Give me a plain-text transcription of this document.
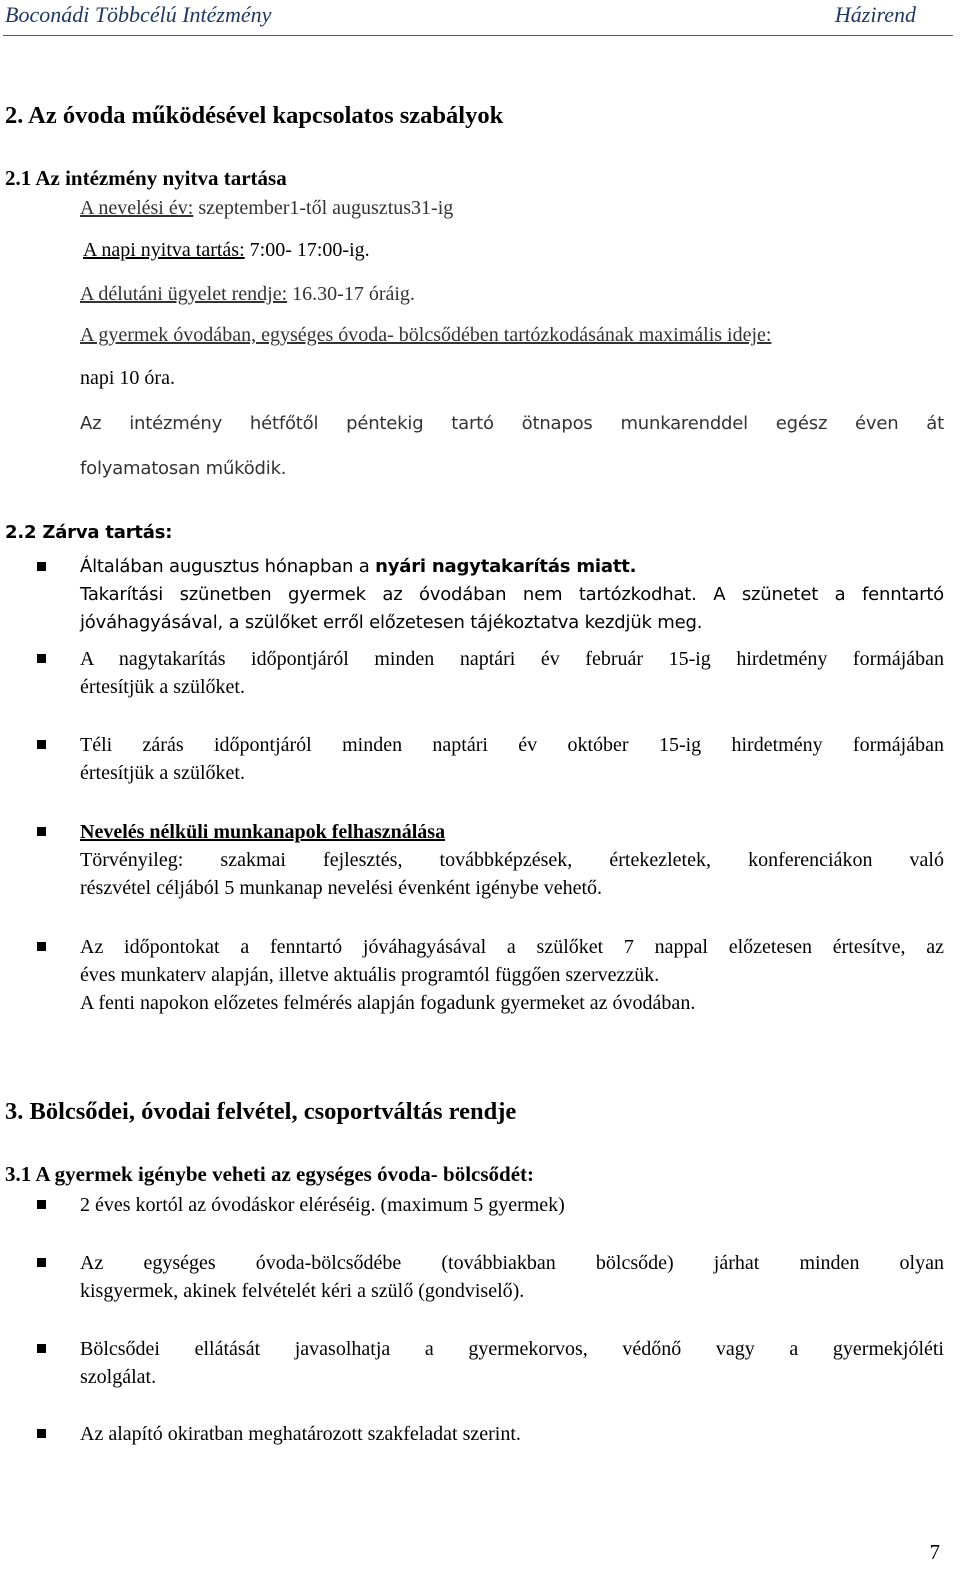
Boconádi Többcélú Intézmény	Házirend
2. Az óvoda működésével kapcsolatos szabályok
2.1 Az intézmény nyitva tartása
A nevelési év: szeptember1-től augusztus31-ig
A napi nyitva tartás: 7:00- 17:00-ig.
A délutáni ügyelet rendje: 16.30-17 óráig.
A gyermek óvodában, egységes óvoda- bölcsődében tartózkodásának maximális ideje:
napi 10 óra.
Az intézmény hétfőtől péntekig tartó ötnapos munkarenddel egész éven át
folyamatosan működik.
2.2 Zárva tartás:
Általában augusztus hónapban a nyári nagytakarítás miatt.
Takarítási szünetben gyermek az óvodában nem tartózkodhat. A szünetet a fenntartó
jóváhagyásával, a szülőket erről előzetesen tájékoztatva kezdjük meg.
A nagytakarítás időpontjáról minden naptári év február 15-ig hirdetmény formájában
értesítjük a szülőket.
Téli zárás időpontjáról minden naptári év október 15-ig hirdetmény formájában
értesítjük a szülőket.
Nevelés nélküli munkanapok felhasználása
Törvényileg: szakmai fejlesztés, továbbképzések, értekezletek, konferenciákon való
részvétel céljából 5 munkanap nevelési évenként igénybe vehető.
Az időpontokat a fenntartó jóváhagyásával a szülőket 7 nappal előzetesen értesítve, az
éves munkaterv alapján, illetve aktuális programtól függően szervezzük.
A fenti napokon előzetes felmérés alapján fogadunk gyermeket az óvodában.
3. Bölcsődei, óvodai felvétel, csoportváltás rendje
3.1 A gyermek igénybe veheti az egységes óvoda- bölcsődét:
2 éves kortól az óvodáskor eléréséig. (maximum 5 gyermek)
Az egységes óvoda-bölcsődébe (továbbiakban bölcsőde) járhat minden olyan
kisgyermek, akinek felvételét kéri a szülő (gondviselő).
Bölcsődei ellátását javasolhatja a gyermekorvos, védőnő vagy a gyermekjóléti
szolgálat.
Az alapító okiratban meghatározott szakfeladat szerint.
7
